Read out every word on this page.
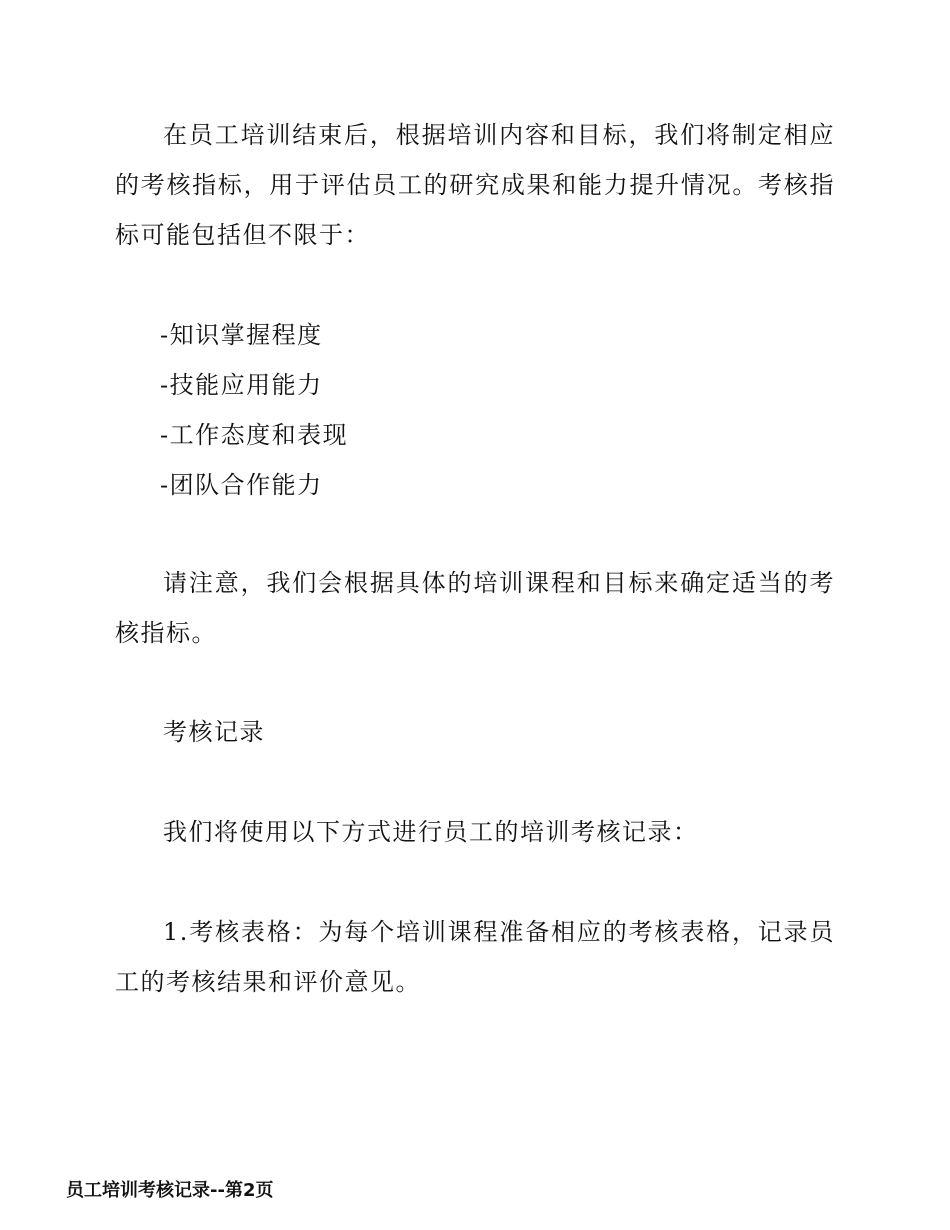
在员工培训结束后，根据培训内容和目标，我们将制定相应的考核指标，用于评估员工的研究成果和能力提升情况。考核指标可能包括但不限于：

-知识掌握程度
-技能应用能力
-工作态度和表现
-团队合作能力

请注意，我们会根据具体的培训课程和目标来确定适当的考核指标。

考核记录

我们将使用以下方式进行员工的培训考核记录：

1.考核表格：为每个培训课程准备相应的考核表格，记录员工的考核结果和评价意见。

员工培训考核记录--第2页
